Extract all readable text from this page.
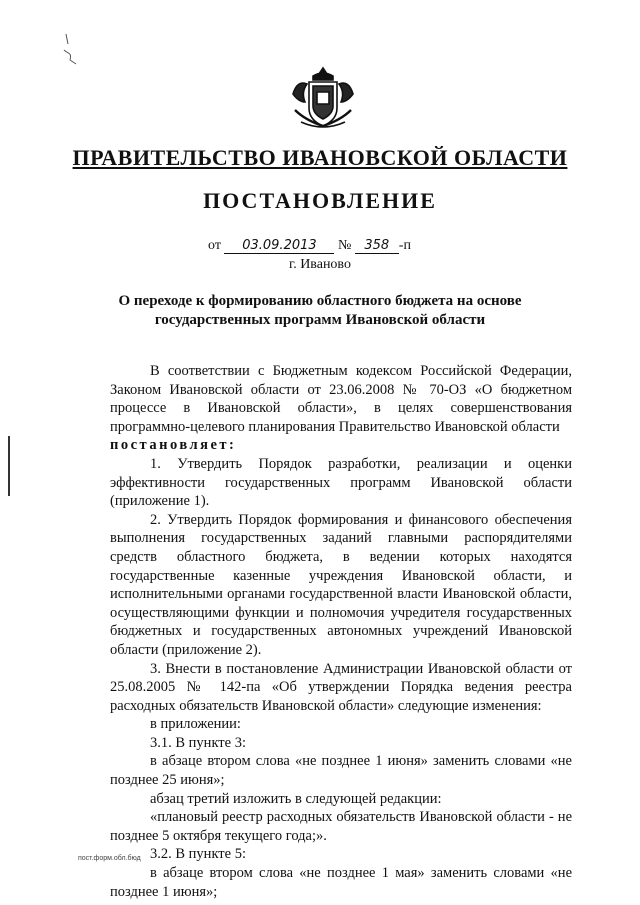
ПРАВИТЕЛЬСТВО ИВАНОВСКОЙ ОБЛАСТИ
ПОСТАНОВЛЕНИЕ
от 03.09.2013 № 358 -п
г. Иваново
О переходе к формированию областного бюджета на основе
государственных программ Ивановской области

В соответствии с Бюджетным кодексом Российской Федерации, Законом Ивановской области от 23.06.2008 № 70-ОЗ «О бюджетном процессе в Ивановской области», в целях совершенствования программно-целевого планирования Правительство Ивановской области

постановляет:

1. Утвердить Порядок разработки, реализации и оценки эффективности государственных программ Ивановской области (приложение 1).

2. Утвердить Порядок формирования и финансового обеспечения выполнения государственных заданий главными распорядителями средств областного бюджета, в ведении которых находятся государственные казенные учреждения Ивановской области, и исполнительными органами государственной власти Ивановской области, осуществляющими функции и полномочия учредителя государственных бюджетных и государственных автономных учреждений Ивановской области (приложение 2).

3. Внести в постановление Администрации Ивановской области от 25.08.2005 № 142-па «Об утверждении Порядка ведения реестра расходных обязательств Ивановской области» следующие изменения:

в приложении:

3.1. В пункте 3:

в абзаце втором слова «не позднее 1 июня» заменить словами «не позднее 25 июня»;

абзац третий изложить в следующей редакции:

«плановый реестр расходных обязательств Ивановской области - не позднее 5 октября текущего года;».

3.2. В пункте 5:

в абзаце втором слова «не позднее 1 мая» заменить словами «не позднее 1 июня»;

пост.форм.обл.бюд
